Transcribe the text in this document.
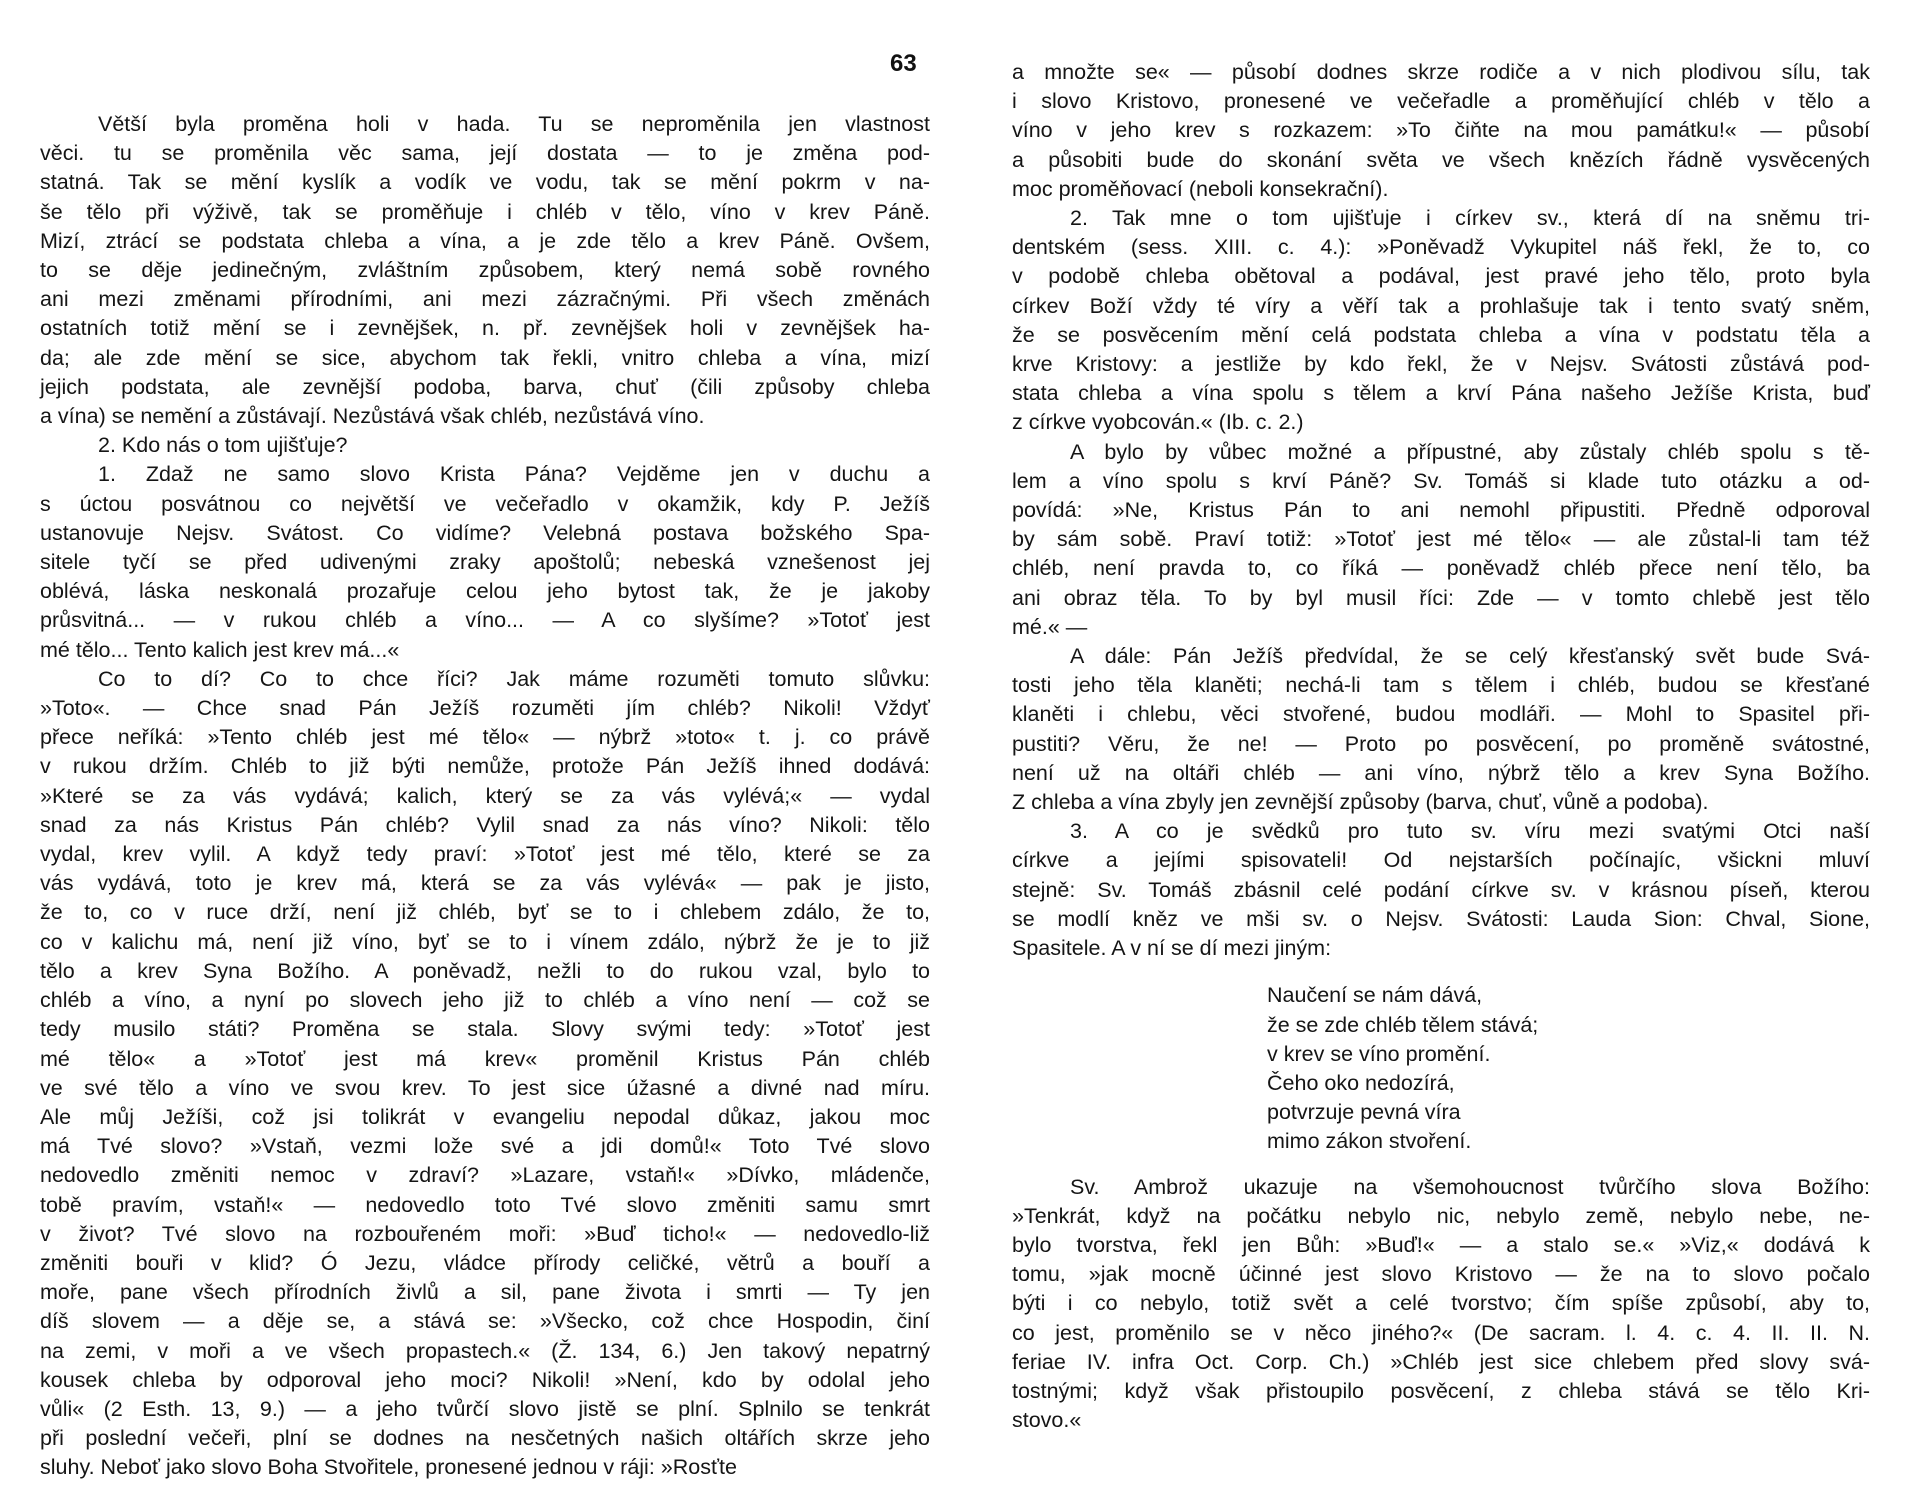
63
Větší byla proměna holi v hada. Tu se neproměnila jen vlastnost
věci. tu se proměnila věc sama, její dostata — to je změna pod-
statná. Tak se mění kyslík a vodík ve vodu, tak se mění pokrm v na-
še tělo při výživě, tak se proměňuje i chléb v tělo, víno v krev Páně.
Mizí, ztrácí se podstata chleba a vína, a je zde tělo a krev Páně. Ovšem,
to se děje jedinečným, zvláštním způsobem, který nemá sobě rovného
ani mezi změnami přírodními, ani mezi zázračnými. Při všech změnách
ostatních totiž mění se i zevnějšek, n. př. zevnějšek holi v zevnějšek ha-
da; ale zde mění se sice, abychom tak řekli, vnitro chleba a vína, mizí
jejich podstata, ale zevnější podoba, barva, chuť (čili způsoby chleba
a vína) se nemění a zůstávají. Nezůstává však chléb, nezůstává víno.
2. Kdo nás o tom ujišťuje?
1. Zdaž ne samo slovo Krista Pána? Vejděme jen v duchu a
s úctou posvátnou co největší ve večeřadlo v okamžik, kdy P. Ježíš
ustanovuje Nejsv. Svátost. Co vidíme? Velebná postava božského Spa-
sitele tyčí se před udivenými zraky apoštolů; nebeská vznešenost jej
oblévá, láska neskonalá prozařuje celou jeho bytost tak, že je jakoby
průsvitná... — v rukou chléb a víno... — A co slyšíme? »Totoť jest
mé tělo... Tento kalich jest krev má...«
Co to dí? Co to chce říci? Jak máme rozuměti tomuto slůvku:
»Toto«. — Chce snad Pán Ježíš rozuměti jím chléb? Nikoli! Vždyť
přece neříká: »Tento chléb jest mé tělo« — nýbrž »toto« t. j. co právě
v rukou držím. Chléb to již býti nemůže, protože Pán Ježíš ihned dodává:
»Které se za vás vydává; kalich, který se za vás vylévá;« — vydal
snad za nás Kristus Pán chléb? Vylil snad za nás víno? Nikoli: tělo
vydal, krev vylil. A když tedy praví: »Totoť jest mé tělo, které se za
vás vydává, toto je krev má, která se za vás vylévá« — pak je jisto,
že to, co v ruce drží, není již chléb, byť se to i chlebem zdálo, že to,
co v kalichu má, není již víno, byť se to i vínem zdálo, nýbrž že je to již
tělo a krev Syna Božího. A poněvadž, nežli to do rukou vzal, bylo to
chléb a víno, a nyní po slovech jeho již to chléb a víno není — což se
tedy musilo státi? Proměna se stala. Slovy svými tedy: »Totoť jest
mé tělo« a »Totoť jest má krev« proměnil Kristus Pán chléb
ve své tělo a víno ve svou krev. To jest sice úžasné a divné nad míru.
Ale můj Ježíši, což jsi tolikrát v evangeliu nepodal důkaz, jakou moc
má Tvé slovo? »Vstaň, vezmi lože své a jdi domů!« Toto Tvé slovo
nedovedlo změniti nemoc v zdraví? »Lazare, vstaň!« »Dívko, mládenče,
tobě pravím, vstaň!« — nedovedlo toto Tvé slovo změniti samu smrt
v život? Tvé slovo na rozbouřeném moři: »Buď ticho!« — nedovedlo-liž
změniti bouři v klid? Ó Jezu, vládce přírody celičké, větrů a bouří a
moře, pane všech přírodních živlů a sil, pane života i smrti — Ty jen
díš slovem — a děje se, a stává se: »Všecko, což chce Hospodin, činí
na zemi, v moři a ve všech propastech.« (Ž. 134, 6.) Jen takový nepatrný
kousek chleba by odporoval jeho moci? Nikoli! »Není, kdo by odolal jeho
vůli« (2 Esth. 13, 9.) — a jeho tvůrčí slovo jistě se plní. Splnilo se tenkrát
při poslední večeři, plní se dodnes na nesčetných našich oltářích skrze jeho
sluhy. Neboť jako slovo Boha Stvořitele, pronesené jednou v ráji: »Rosťte
a množte se« — působí dodnes skrze rodiče a v nich plodivou sílu, tak
i slovo Kristovo, pronesené ve večeřadle a proměňující chléb v tělo a
víno v jeho krev s rozkazem: »To čiňte na mou památku!« — působí
a působiti bude do skonání světa ve všech knězích řádně vysvěcených
moc proměňovací (neboli konsekrační).
2. Tak mne o tom ujišťuje i církev sv., která dí na sněmu tri-
dentském (sess. XIII. c. 4.): »Poněvadž Vykupitel náš řekl, že to, co
v podobě chleba obětoval a podával, jest pravé jeho tělo, proto byla
církev Boží vždy té víry a věří tak a prohlašuje tak i tento svatý sněm,
že se posvěcením mění celá podstata chleba a vína v podstatu těla a
krve Kristovy: a jestliže by kdo řekl, že v Nejsv. Svátosti zůstává pod-
stata chleba a vína spolu s tělem a krví Pána našeho Ježíše Krista, buď
z církve vyobcován.« (Ib. c. 2.)
A bylo by vůbec možné a přípustné, aby zůstaly chléb spolu s tě-
lem a víno spolu s krví Páně? Sv. Tomáš si klade tuto otázku a od-
povídá: »Ne, Kristus Pán to ani nemohl připustiti. Předně odporoval
by sám sobě. Praví totiž: »Totoť jest mé tělo« — ale zůstal-li tam též
chléb, není pravda to, co říká — poněvadž chléb přece není tělo, ba
ani obraz těla. To by byl musil říci: Zde — v tomto chlebě jest tělo
mé.« —
A dále: Pán Ježíš předvídal, že se celý křesťanský svět bude Svá-
tosti jeho těla klaněti; nechá-li tam s tělem i chléb, budou se křesťané
klaněti i chlebu, věci stvořené, budou modláři. — Mohl to Spasitel při-
pustiti? Věru, že ne! — Proto po posvěcení, po proměně svátostné,
není už na oltáři chléb — ani víno, nýbrž tělo a krev Syna Božího.
Z chleba a vína zbyly jen zevnější způsoby (barva, chuť, vůně a podoba).
3. A co je svědků pro tuto sv. víru mezi svatými Otci naší
církve a jejími spisovateli! Od nejstarších počínajíc, všickni mluví
stejně: Sv. Tomáš zbásnil celé podání církve sv. v krásnou píseň, kterou
se modlí kněz ve mši sv. o Nejsv. Svátosti: Lauda Sion: Chval, Sione,
Spasitele. A v ní se dí mezi jiným:
Naučení se nám dává,
že se zde chléb tělem stává;
v krev se víno promění.
Čeho oko nedozírá,
potvrzuje pevná víra
mimo zákon stvoření.
Sv. Ambrož ukazuje na všemohoucnost tvůrčího slova Božího:
»Tenkrát, když na počátku nebylo nic, nebylo země, nebylo nebe, ne-
bylo tvorstva, řekl jen Bůh: »Buď!« — a stalo se.« »Viz,« dodává k
tomu, »jak mocně účinné jest slovo Kristovo — že na to slovo počalo
býti i co nebylo, totiž svět a celé tvorstvo; čím spíše způsobí, aby to,
co jest, proměnilo se v něco jiného?« (De sacram. l. 4. c. 4. II. II. N.
feriae IV. infra Oct. Corp. Ch.) »Chléb jest sice chlebem před slovy svá-
tostnými; když však přistoupilo posvěcení, z chleba stává se tělo Kri-
stovo.«
